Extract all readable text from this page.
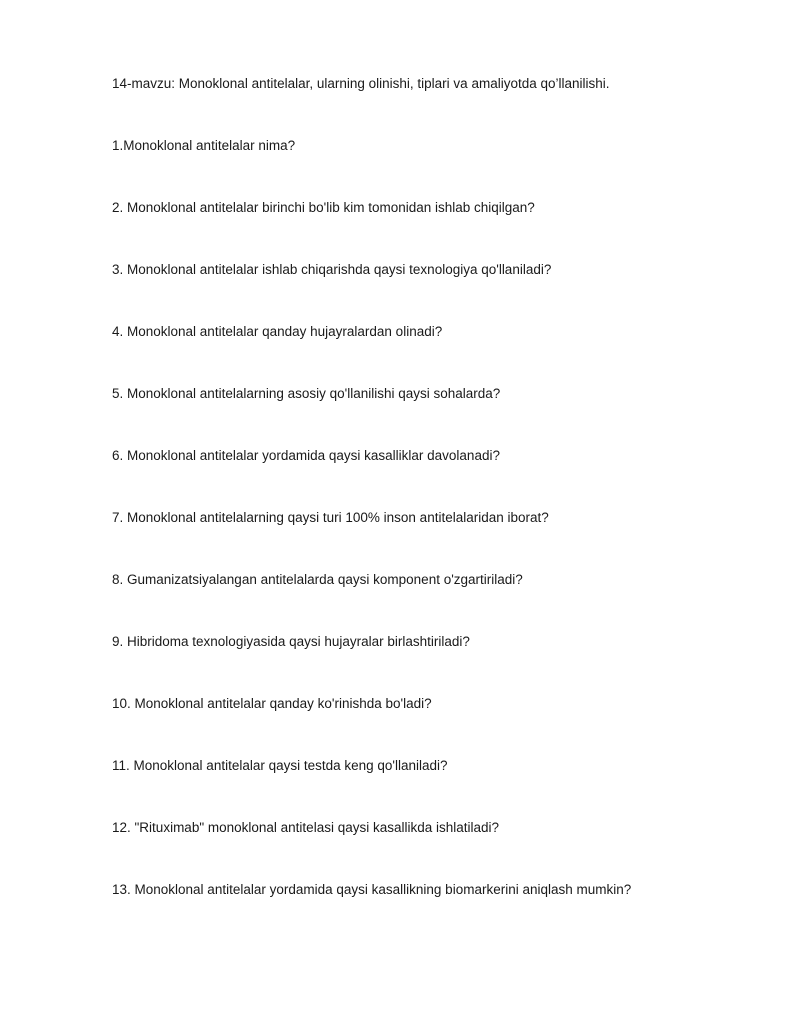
14-mavzu: Monoklonal antitelalar, ularning olinishi, tiplari va amaliyotda qo’llanilishi.
1.Monoklonal antitelalar nima?
2. Monoklonal antitelalar birinchi bo'lib kim tomonidan ishlab chiqilgan?
3. Monoklonal antitelalar ishlab chiqarishda qaysi texnologiya qo'llaniladi?
4. Monoklonal antitelalar qanday hujayralardan olinadi?
5. Monoklonal antitelalarning asosiy qo'llanilishi qaysi sohalarda?
6. Monoklonal antitelalar yordamida qaysi kasalliklar davolanadi?
7. Monoklonal antitelalarning qaysi turi 100% inson antitelalaridan iborat?
8. Gumanizatsiyalangan antitelalarda qaysi komponent o'zgartiriladi?
9. Hibridoma texnologiyasida qaysi hujayralar birlashtiriladi?
10. Monoklonal antitelalar qanday ko'rinishda bo'ladi?
11. Monoklonal antitelalar qaysi testda keng qo'llaniladi?
12. "Rituximab" monoklonal antitelasi qaysi kasallikda ishlatiladi?
13. Monoklonal antitelalar yordamida qaysi kasallikning biomarkerini aniqlash mumkin?
